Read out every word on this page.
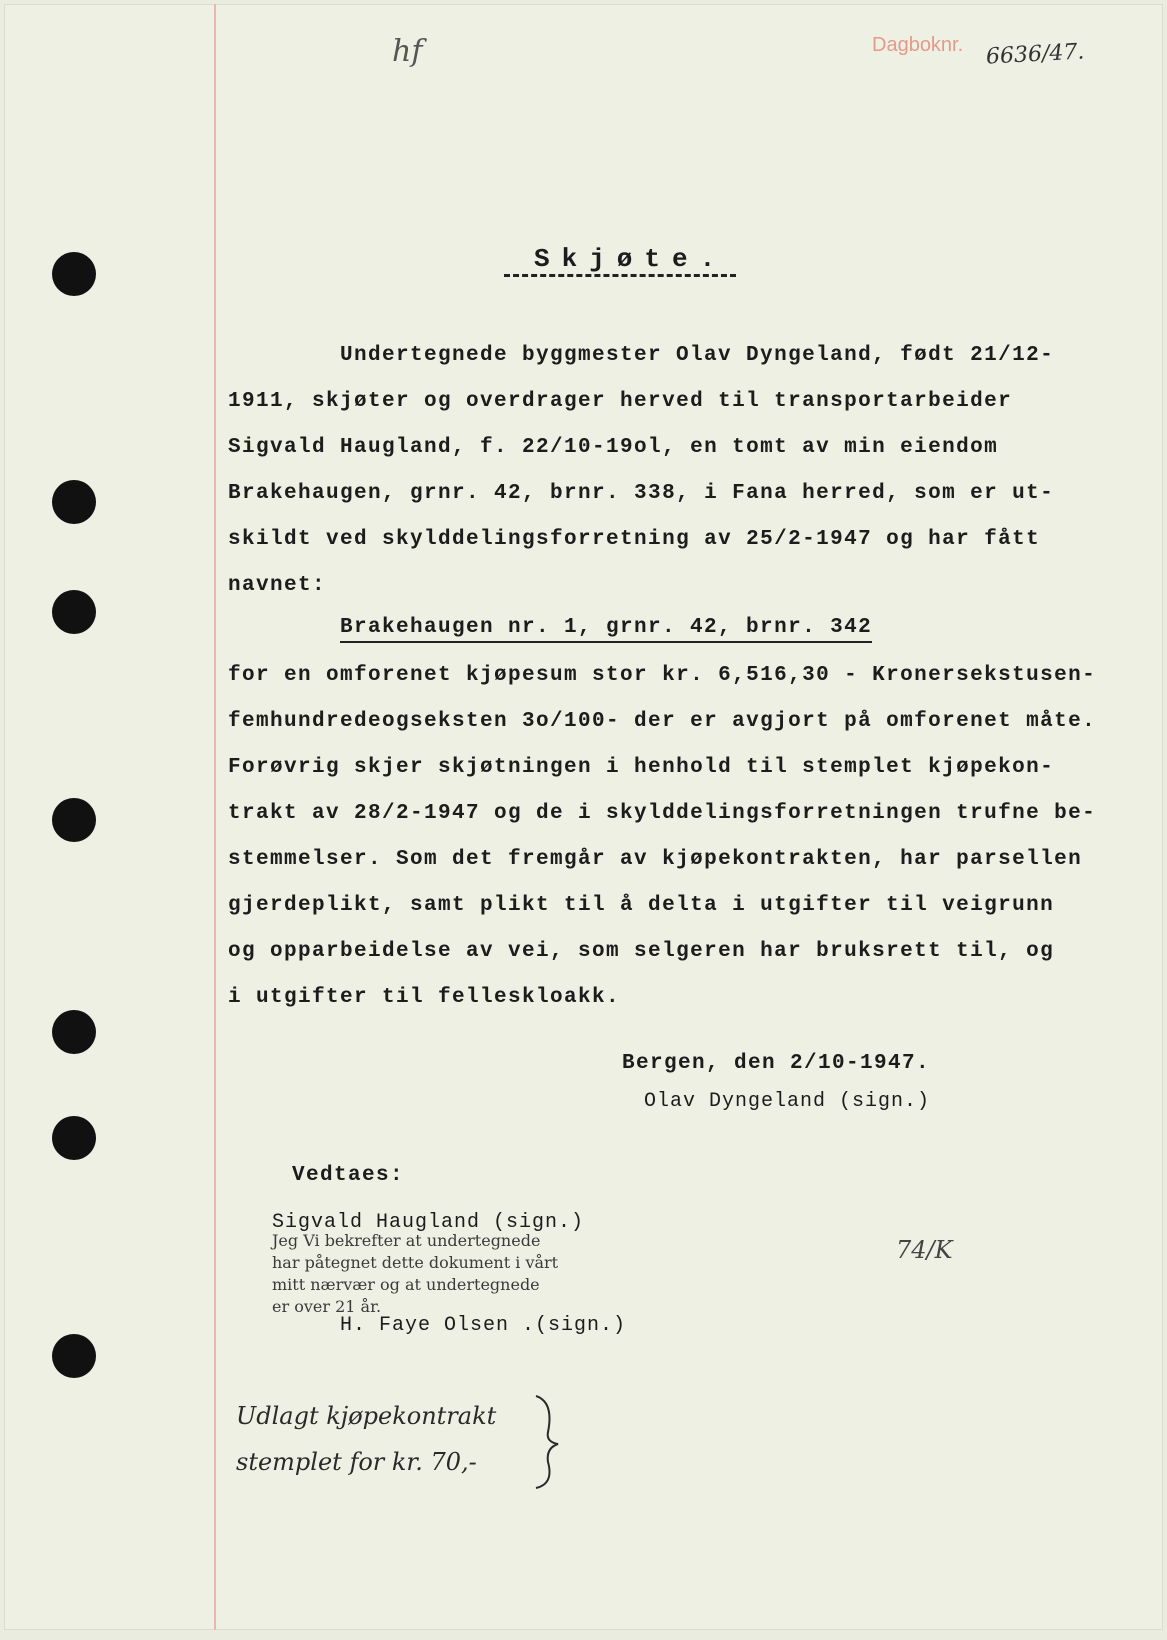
hf	Dagboknr. 6636/47.
Skjøte.
Undertegnede byggmester Olav Dyngeland, født 21/12-
1911, skjøter og overdrager herved til transportarbeider
Sigvald Haugland, f. 22/10-19ol, en tomt av min eiendom
Brakehaugen, grnr. 42, brnr. 338, i Fana herred, som er ut-
skildt ved skylddelingsforretning av 25/2-1947 og har fått
navnet:
Brakehaugen nr. 1, grnr. 42, brnr. 342
for en omforenet kjøpesum stor kr. 6,516,30 - Kronersekstusen-
femhundredeogseksten 3o/100- der er avgjort på omforenet måte.
Forøvrig skjer skjøtningen i henhold til stemplet kjøpekon-
trakt av 28/2-1947 og de i skylddelingsforretningen trufne be-
stemmelser. Som det fremgår av kjøpekontrakten, har parsellen
gjerdeplikt, samt plikt til å delta i utgifter til veigrunn
og opparbeidelse av vei, som selgeren har bruksrett til, og
i utgifter til felleskloakk.
Bergen, den 2/10-1947.
Olav Dyngeland (sign.)
Vedtaes:
Sigvald Haugland (sign.)
Jeg Vi bekrefter at undertegnede
har påtegnet dette dokument i vårt
mitt nærvær og at undertegnede
er over 21 år.
H. Faye Olsen .(sign.)
74/K
Udlagt kjøpekontrakt
stemplet for kr. 70,-
